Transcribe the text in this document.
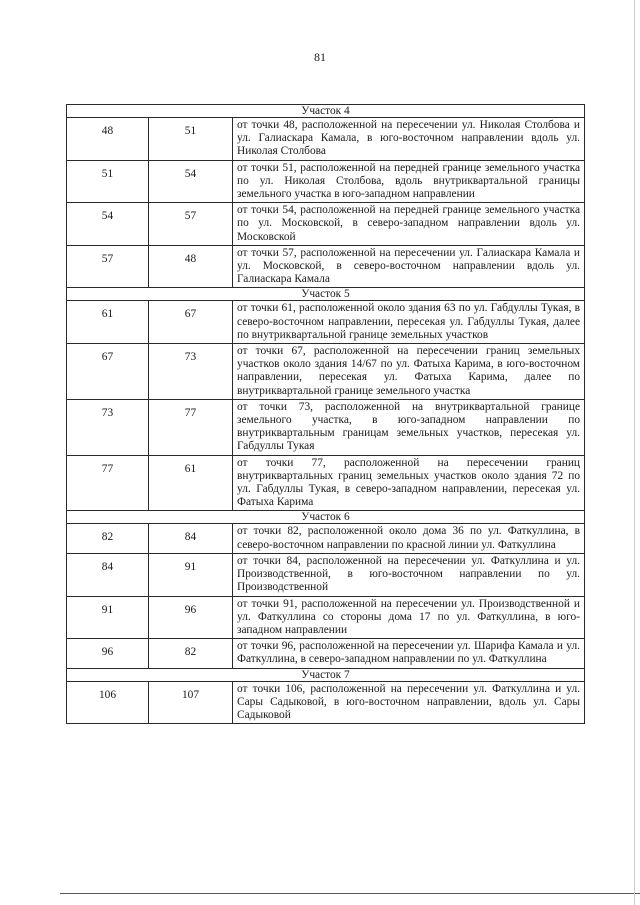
81
Участок 4		
48	51	от точки 48, расположенной на пересечении ул. Николая Столбова и ул. Галиаскара Камала, в юго-восточном направлении вдоль ул. Николая Столбова
51	54	от точки 51, расположенной на передней границе земельного участка по ул. Николая Столбова, вдоль внутриквартальной границы земельного участка в юго-западном направлении
54	57	от точки 54, расположенной на передней границе земельного участка по ул. Московской, в северо-западном направлении вдоль ул. Московской
57	48	от точки 57, расположенной на пересечении ул. Галиаскара Камала и ул. Московской, в северо-восточном направлении вдоль ул. Галиаскара Камала
Участок 5		
61	67	от точки 61, расположенной около здания 63 по ул. Габдуллы Тукая, в северо-восточном направлении, пересекая ул. Габдуллы Тукая, далее по внутриквартальной границе земельных участков
67	73	от точки 67, расположенной на пересечении границ земельных участков около здания 14/67 по ул. Фатыха Карима, в юго-восточном направлении, пересекая ул. Фатыха Карима, далее по внутриквартальной границе земельного участка
73	77	от точки 73, расположенной на внутриквартальной границе земельного участка, в юго-западном направлении по внутриквартальным границам земельных участков, пересекая ул. Габдуллы Тукая
77	61	от точки 77, расположенной на пересечении границ внутриквартальных границ земельных участков около здания 72 по ул. Габдуллы Тукая, в северо-западном направлении, пересекая ул. Фатыха Карима
Участок 6		
82	84	от точки 82, расположенной около дома 36 по ул. Фаткуллина, в северо-восточном направлении по красной линии ул. Фаткуллина
84	91	от точки 84, расположенной на пересечении ул. Фаткуллина и ул. Производственной, в юго-восточном направлении по ул. Производственной
91	96	от точки 91, расположенной на пересечении ул. Производственной и ул. Фаткуллина со стороны дома 17 по ул. Фаткуллина, в юго-западном направлении
96	82	от точки 96, расположенной на пересечении ул. Шарифа Камала и ул. Фаткуллина, в северо-западном направлении по ул. Фаткуллина
Участок 7		
106	107	от точки 106, расположенной на пересечении ул. Фаткуллина и ул. Сары Садыковой, в юго-восточном направлении, вдоль ул. Сары Садыковой
